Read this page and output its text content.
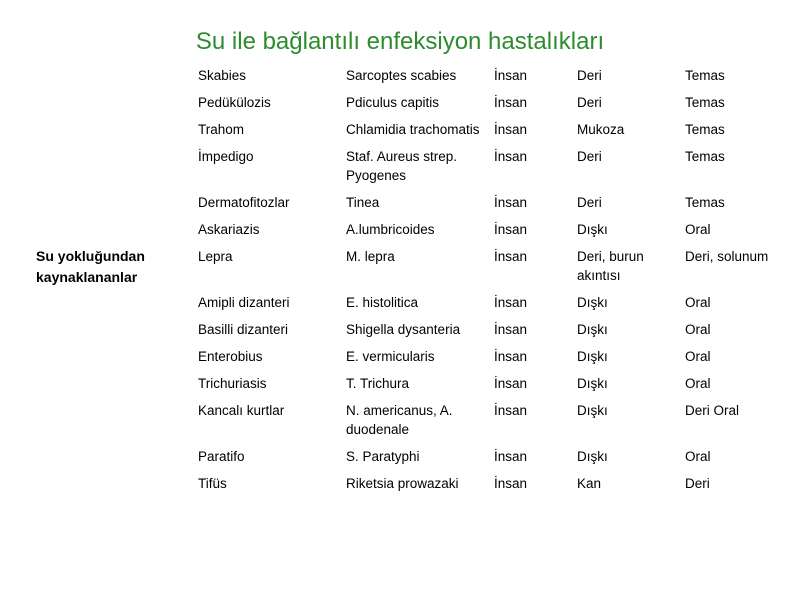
Su ile bağlantılı enfeksiyon hastalıkları
Su yokluğundan
kaynaklananlar
Skabies	Sarcoptes scabies	İnsan	Deri	Temas
Pedükülozis	Pdiculus capitis	İnsan	Deri	Temas
Trahom	Chlamidia trachomatis	İnsan	Mukoza	Temas
İmpedigo	Staf. Aureus strep. Pyogenes	İnsan	Deri	Temas
Dermatofitozlar	Tinea	İnsan	Deri	Temas
Askariazis	A.lumbricoides	İnsan	Dışkı	Oral
Lepra	M. lepra	İnsan	Deri, burun akıntısı	Deri, solunum
Amipli dizanteri	E. histolitica	İnsan	Dışkı	Oral
Basilli dizanteri	Shigella dysanteria	İnsan	Dışkı	Oral
Enterobius	E. vermicularis	İnsan	Dışkı	Oral
Trichuriasis	T. Trichura	İnsan	Dışkı	Oral
Kancalı kurtlar	N. americanus, A. duodenale	İnsan	Dışkı	Deri Oral
Paratifo	S. Paratyphi	İnsan	Dışkı	Oral
Tifüs	Riketsia prowazaki	İnsan	Kan	Deri
